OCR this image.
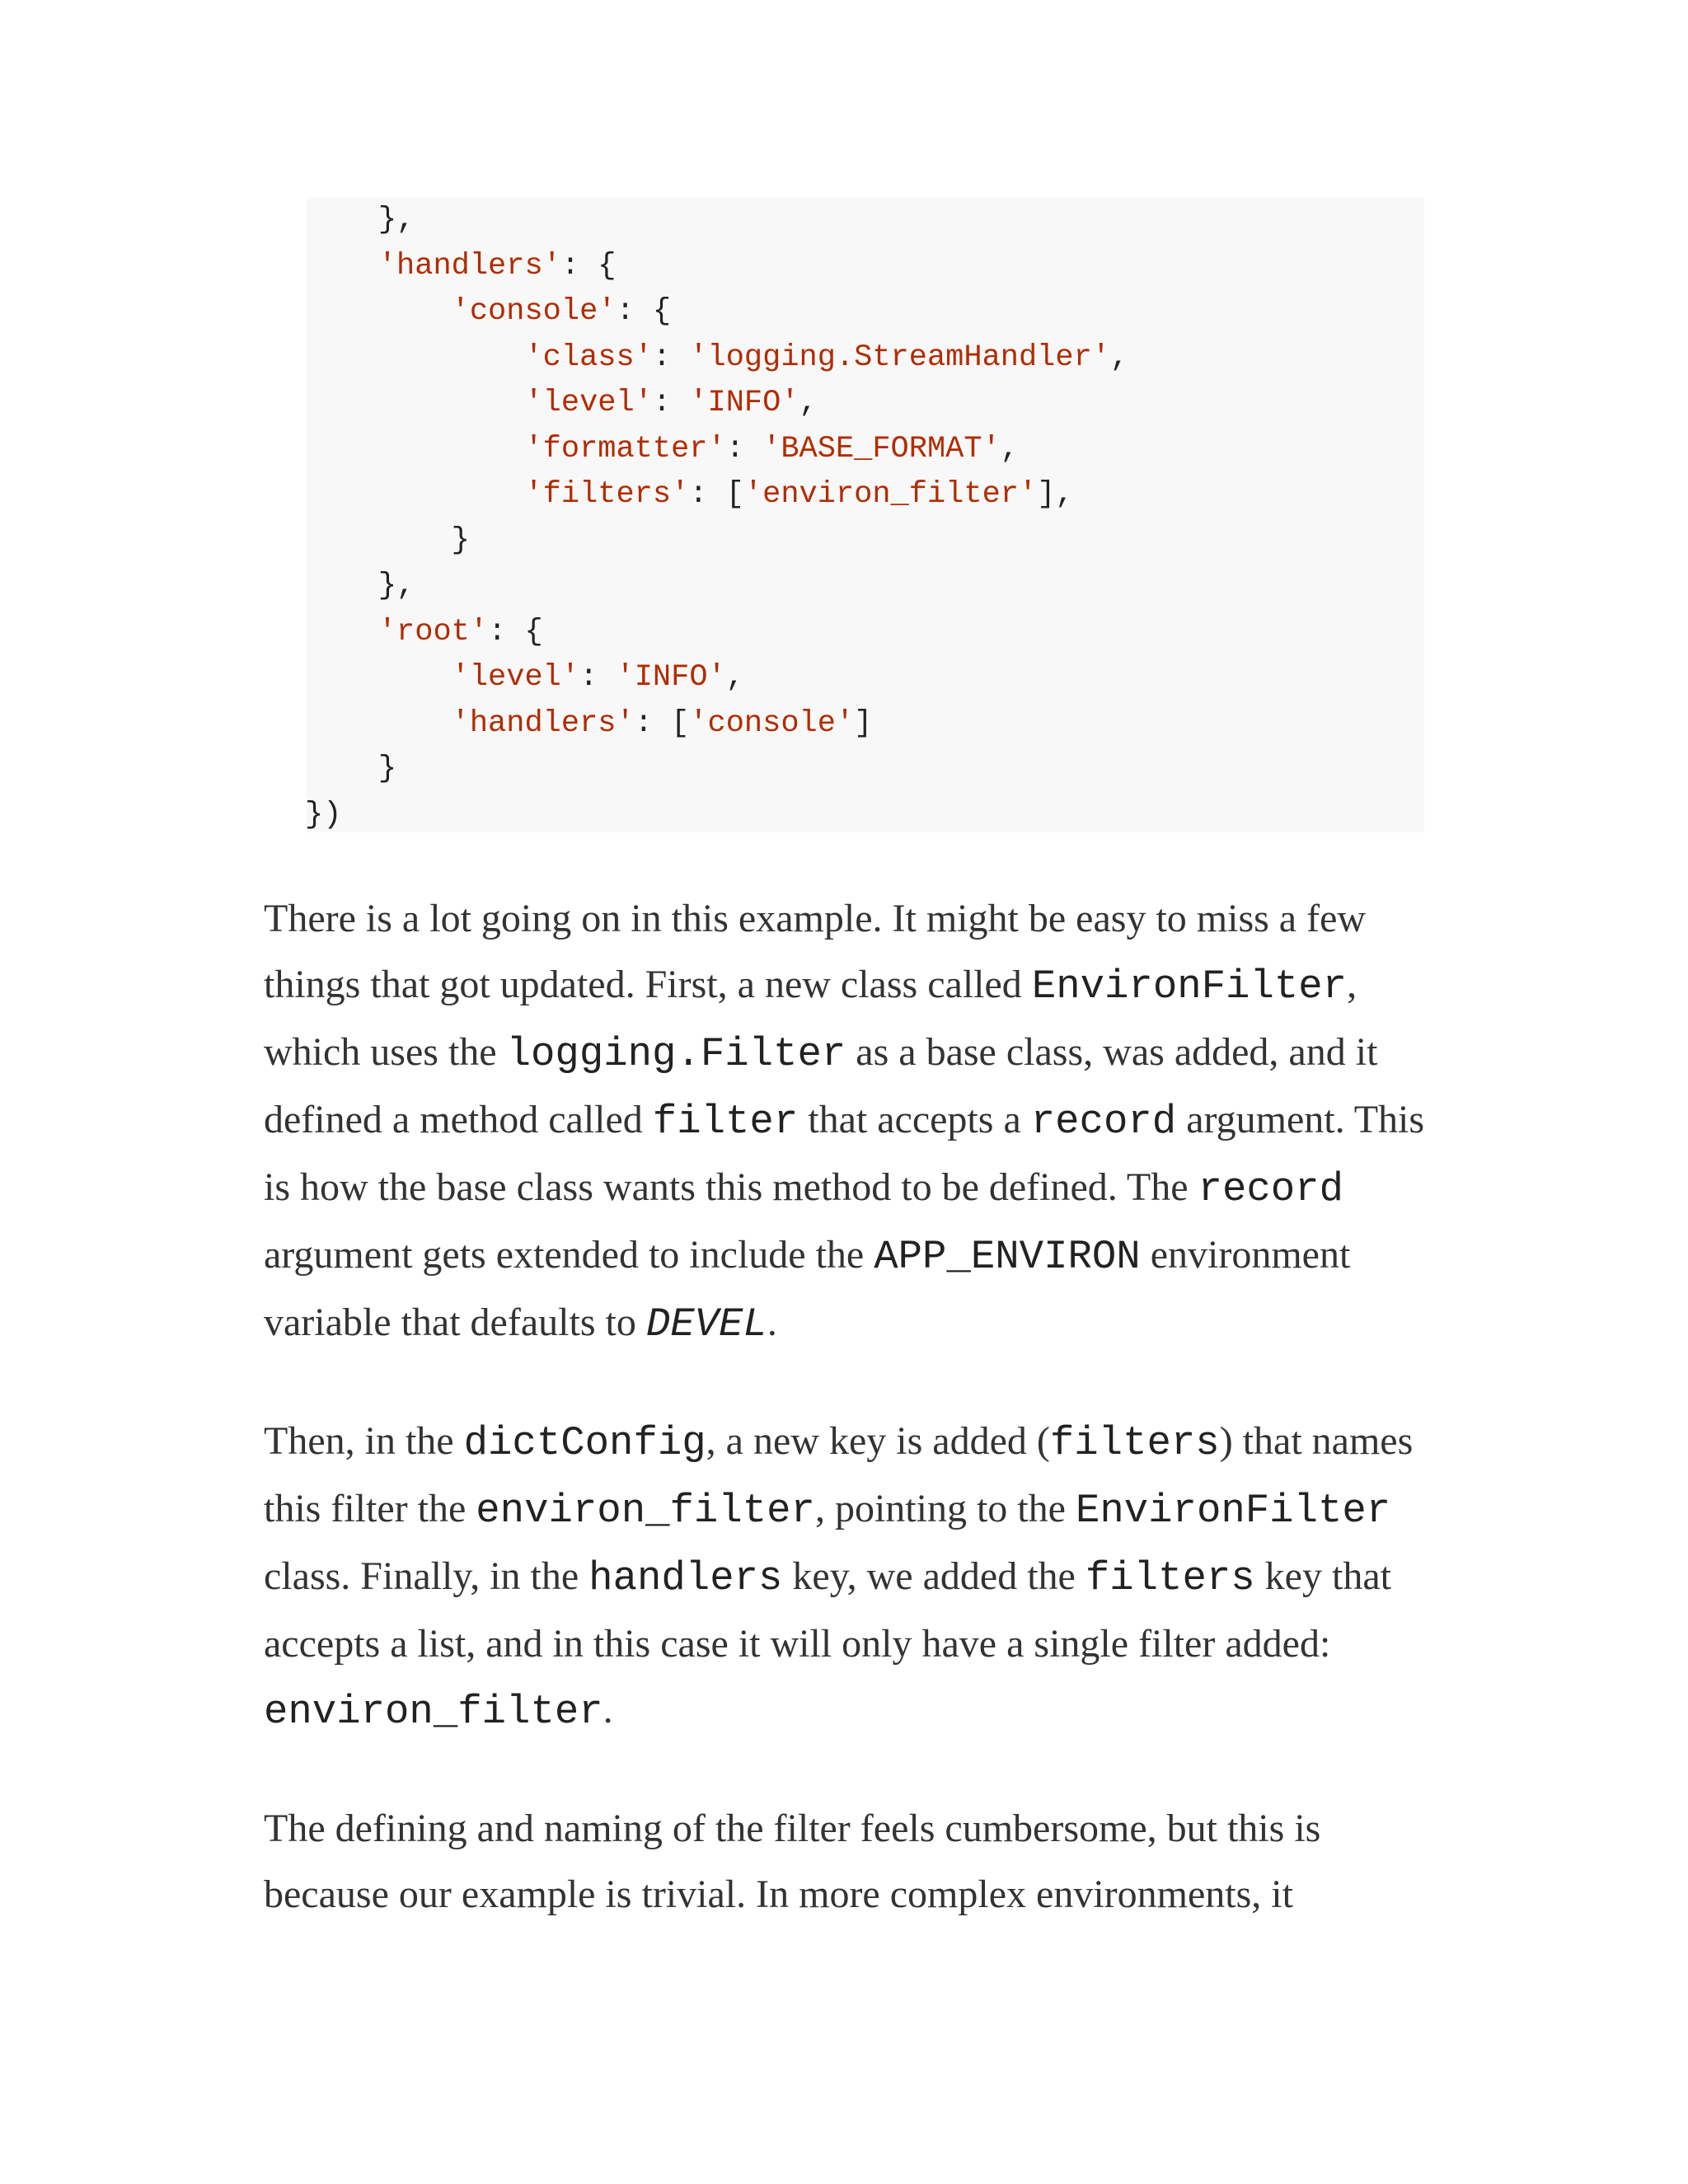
},
'handlers': {
'console': {
'class': 'logging.StreamHandler',
'level': 'INFO',
'formatter': 'BASE_FORMAT',
'filters': ['environ_filter'],
}
},
'root': {
'level': 'INFO',
'handlers': ['console']
}
})

There is a lot going on in this example. It might be easy to miss a few things that got updated. First, a new class called EnvironFilter, which uses the logging.Filter as a base class, was added, and it defined a method called filter that accepts a record argument. This is how the base class wants this method to be defined. The record argument gets extended to include the APP_ENVIRON environment variable that defaults to DEVEL.

Then, in the dictConfig, a new key is added (filters) that names this filter the environ_filter, pointing to the EnvironFilter class. Finally, in the handlers key, we added the filters key that accepts a list, and in this case it will only have a single filter added: environ_filter.

The defining and naming of the filter feels cumbersome, but this is because our example is trivial. In more complex environments, it
